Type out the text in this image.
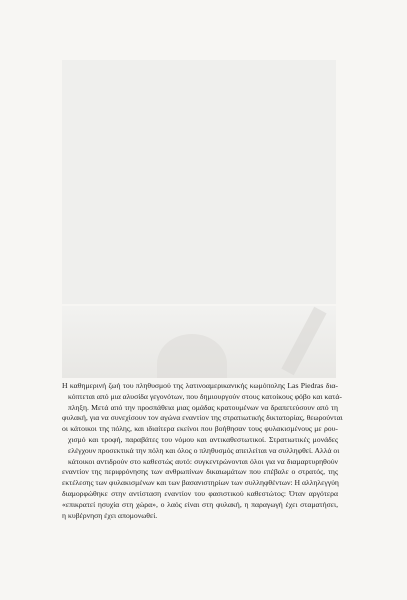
Η καθημερινή ζωή του πληθυσμού της λατινοαμερικανικής κωμόπολης Las Piedras δια-
κόπτεται από μια αλυσίδα γεγονότων, που δημιουργούν στους κατοίκους φόβο και κατά-
πληξη. Μετά από την προσπάθεια μιας ομάδας κρατουμένων να δραπετεύσουν από τη
φυλακή, για να συνεχίσουν τον αγώνα εναντίον της στρατιωτικής δικτατορίας, θεωρούνται
οι κάτοικοι της πόλης, και ιδιαίτερα εκείνοι που βοήθησαν τους φυλακισμένους με ρου-
χισμό και τροφή, παραβάτες του νόμου και αντικαθεστωτικοί. Στρατιωτικές μονάδες
ελέγχουν προσεκτικά την πόλη και όλος ο πληθυσμός απειλείται να συλληφθεί. Αλλά οι
κάτοικοι αντιδρούν στο καθεστώς αυτό: συγκεντρώνονται όλοι για να διαμαρτυρηθούν
εναντίον της περιφρόνησης των ανθρωπίνων δικαιωμάτων που επέβαλε ο στρατός, της
εκτέλεσης των φυλακισμένων και των βασανιστηρίων των συλληφθέντων: Η αλληλεγγύη
διαμορφώθηκε στην αντίσταση εναντίον του φασιστικού καθεστώτος: Όταν αργότερα
«επικρατεί ησυχία στη χώρα», ο λαός είναι στη φυλακή, η παραγωγή έχει σταματήσει,
η κυβέρνηση έχει απομονωθεί.
